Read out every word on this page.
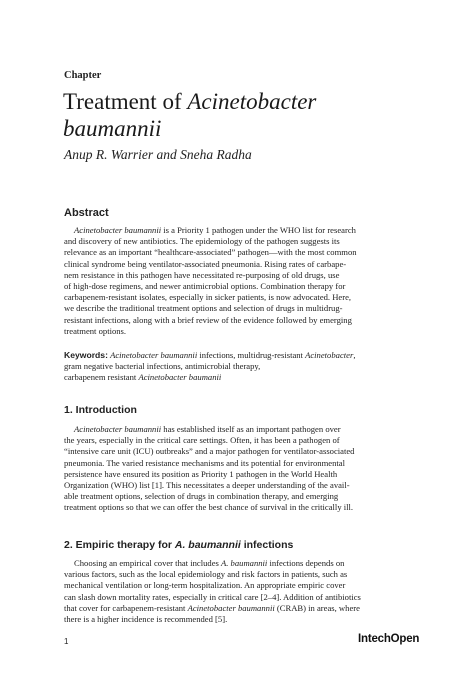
Chapter
Treatment of Acinetobacter
baumannii
Anup R. Warrier and Sneha Radha
Abstract
Acinetobacter baumannii is a Priority 1 pathogen under the WHO list for research
and discovery of new antibiotics. The epidemiology of the pathogen suggests its
relevance as an important “healthcare-associated” pathogen—with the most common
clinical syndrome being ventilator-associated pneumonia. Rising rates of carbape-
nem resistance in this pathogen have necessitated re-purposing of old drugs, use
of high-dose regimens, and newer antimicrobial options. Combination therapy for
carbapenem-resistant isolates, especially in sicker patients, is now advocated. Here,
we describe the traditional treatment options and selection of drugs in multidrug-
resistant infections, along with a brief review of the evidence followed by emerging
treatment options.
Keywords: Acinetobacter baumannii infections, multidrug-resistant Acinetobacter,
gram negative bacterial infections, antimicrobial therapy,
carbapenem resistant Acinetobacter baumanii
1. Introduction
Acinetobacter baumannii has established itself as an important pathogen over
the years, especially in the critical care settings. Often, it has been a pathogen of
“intensive care unit (ICU) outbreaks” and a major pathogen for ventilator-associated
pneumonia. The varied resistance mechanisms and its potential for environmental
persistence have ensured its position as Priority 1 pathogen in the World Health
Organization (WHO) list [1]. This necessitates a deeper understanding of the avail-
able treatment options, selection of drugs in combination therapy, and emerging
treatment options so that we can offer the best chance of survival in the critically ill.
2. Empiric therapy for A. baumannii infections
Choosing an empirical cover that includes A. baumannii infections depends on
various factors, such as the local epidemiology and risk factors in patients, such as
mechanical ventilation or long-term hospitalization. An appropriate empiric cover
can slash down mortality rates, especially in critical care [2–4]. Addition of antibiotics
that cover for carbapenem-resistant Acinetobacter baumannii (CRAB) in areas, where
there is a higher incidence is recommended [5].
1	IntechOpen
